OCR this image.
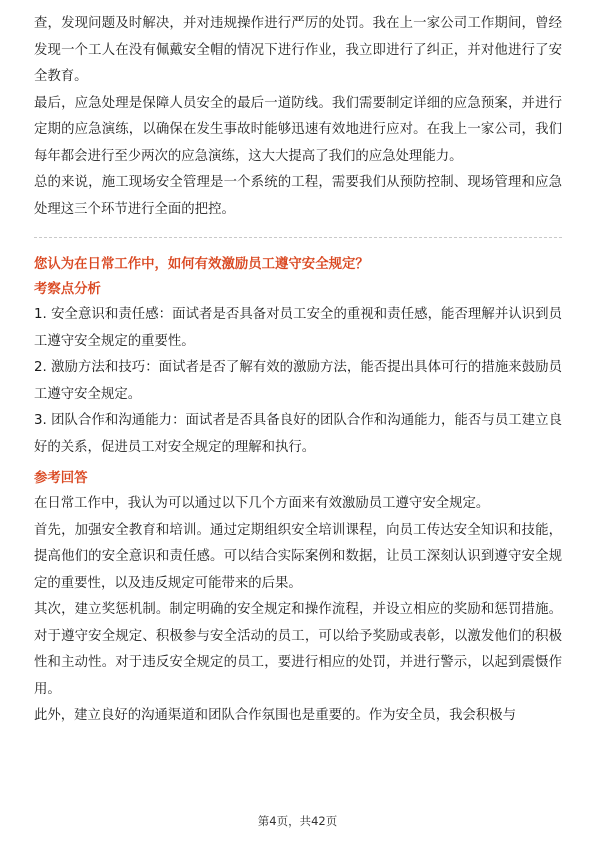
查，发现问题及时解决，并对违规操作进行严厉的处罚。我在上一家公司工作期间，曾经发现一个工人在没有佩戴安全帽的情况下进行作业，我立即进行了纠正，并对他进行了安全教育。

最后，应急处理是保障人员安全的最后一道防线。我们需要制定详细的应急预案，并进行定期的应急演练，以确保在发生事故时能够迅速有效地进行应对。在我上一家公司，我们每年都会进行至少两次的应急演练，这大大提高了我们的应急处理能力。

总的来说，施工现场安全管理是一个系统的工程，需要我们从预防控制、现场管理和应急处理这三个环节进行全面的把控。

您认为在日常工作中，如何有效激励员工遵守安全规定？

考察点分析

1. 安全意识和责任感：面试者是否具备对员工安全的重视和责任感，能否理解并认识到员工遵守安全规定的重要性。

2. 激励方法和技巧：面试者是否了解有效的激励方法，能否提出具体可行的措施来鼓励员工遵守安全规定。

3. 团队合作和沟通能力：面试者是否具备良好的团队合作和沟通能力，能否与员工建立良好的关系，促进员工对安全规定的理解和执行。

参考回答

在日常工作中，我认为可以通过以下几个方面来有效激励员工遵守安全规定。

首先，加强安全教育和培训。通过定期组织安全培训课程，向员工传达安全知识和技能，提高他们的安全意识和责任感。可以结合实际案例和数据，让员工深刻认识到遵守安全规定的重要性，以及违反规定可能带来的后果。

其次，建立奖惩机制。制定明确的安全规定和操作流程，并设立相应的奖励和惩罚措施。对于遵守安全规定、积极参与安全活动的员工，可以给予奖励或表彰，以激发他们的积极性和主动性。对于违反安全规定的员工，要进行相应的处罚，并进行警示，以起到震慑作用。

此外，建立良好的沟通渠道和团队合作氛围也是重要的。作为安全员，我会积极与

第4页，共42页
